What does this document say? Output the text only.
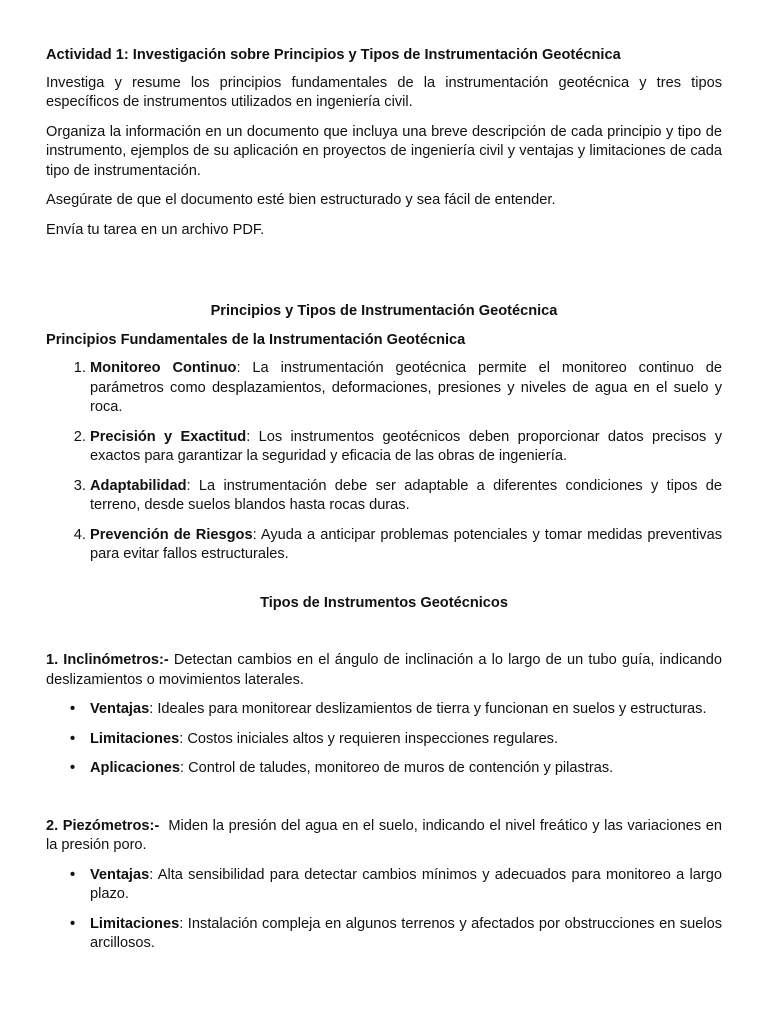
Actividad 1: Investigación sobre Principios y Tipos de Instrumentación Geotécnica

Investiga y resume los principios fundamentales de la instrumentación geotécnica y tres tipos específicos de instrumentos utilizados en ingeniería civil.

Organiza la información en un documento que incluya una breve descripción de cada principio y tipo de instrumento, ejemplos de su aplicación en proyectos de ingeniería civil y ventajas y limitaciones de cada tipo de instrumentación.

Asegúrate de que el documento esté bien estructurado y sea fácil de entender.

Envía tu tarea en un archivo PDF.

Principios y Tipos de Instrumentación Geotécnica

Principios Fundamentales de la Instrumentación Geotécnica

1. Monitoreo Continuo: La instrumentación geotécnica permite el monitoreo continuo de parámetros como desplazamientos, deformaciones, presiones y niveles de agua en el suelo y roca.
2. Precisión y Exactitud: Los instrumentos geotécnicos deben proporcionar datos precisos y exactos para garantizar la seguridad y eficacia de las obras de ingeniería.
3. Adaptabilidad: La instrumentación debe ser adaptable a diferentes condiciones y tipos de terreno, desde suelos blandos hasta rocas duras.
4. Prevención de Riesgos: Ayuda a anticipar problemas potenciales y tomar medidas preventivas para evitar fallos estructurales.

Tipos de Instrumentos Geotécnicos

1. Inclinómetros:- Detectan cambios en el ángulo de inclinación a lo largo de un tubo guía, indicando deslizamientos o movimientos laterales.

• Ventajas: Ideales para monitorear deslizamientos de tierra y funcionan en suelos y estructuras.
• Limitaciones: Costos iniciales altos y requieren inspecciones regulares.
• Aplicaciones: Control de taludes, monitoreo de muros de contención y pilastras.

2. Piezómetros:-  Miden la presión del agua en el suelo, indicando el nivel freático y las variaciones en la presión poro.

• Ventajas: Alta sensibilidad para detectar cambios mínimos y adecuados para monitoreo a largo plazo.
• Limitaciones: Instalación compleja en algunos terrenos y afectados por obstrucciones en suelos arcillosos.
